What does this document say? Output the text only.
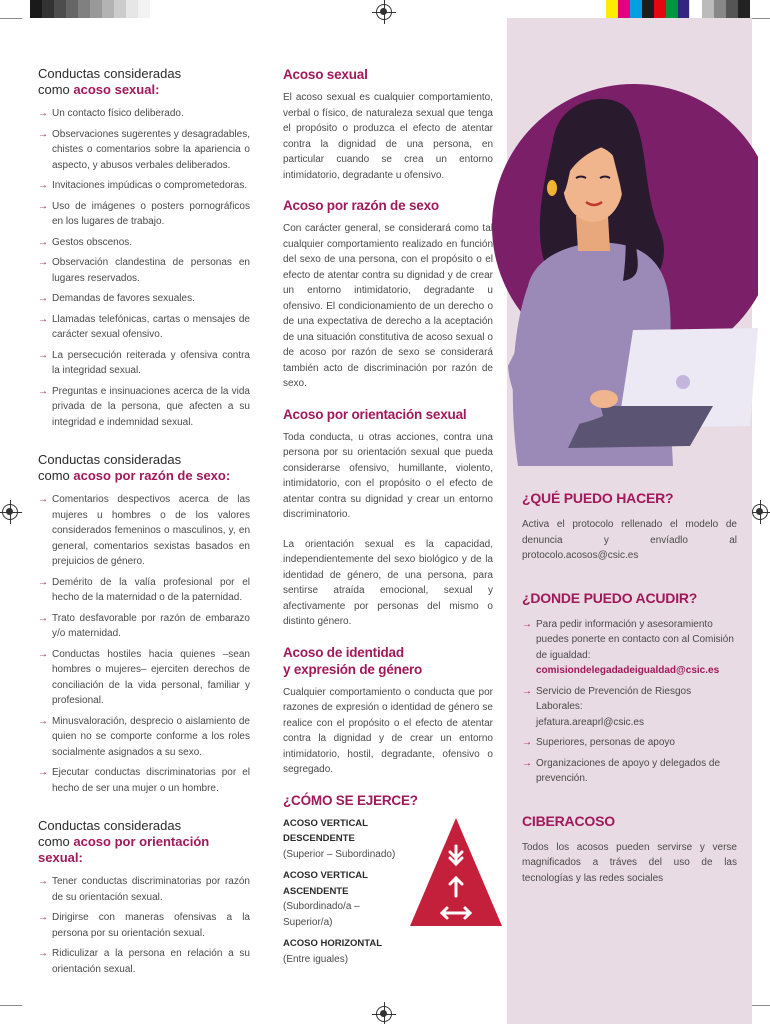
Conductas consideradas
como acoso sexual:
→ Un contacto físico deliberado.
→ Observaciones sugerentes y desagradables, chistes o comentarios sobre la apariencia o aspecto, y abusos verbales deliberados.
→ Invitaciones impúdicas o comprometedoras.
→ Uso de imágenes o posters pornográficos en los lugares de trabajo.
→ Gestos obscenos.
→ Observación clandestina de personas en lugares reservados.
→ Demandas de favores sexuales.
→ Llamadas telefónicas, cartas o mensajes de carácter sexual ofensivo.
→ La persecución reiterada y ofensiva contra la integridad sexual.
→ Preguntas e insinuaciones acerca de la vida privada de la persona, que afecten a su integridad e indemnidad sexual.
Conductas consideradas
como acoso por razón de sexo:
→ Comentarios despectivos acerca de las mujeres u hombres o de los valores considerados femeninos o masculinos, y, en general, comentarios sexistas basados en prejuicios de género.
→ Demérito de la valía profesional por el hecho de la maternidad o de la paternidad.
→ Trato desfavorable por razón de embarazo y/o maternidad.
→ Conductas hostiles hacia quienes –sean hombres o mujeres– ejerciten derechos de conciliación de la vida personal, familiar y profesional.
→ Minusvaloración, desprecio o aislamiento de quien no se comporte conforme a los roles socialmente asignados a su sexo.
→ Ejecutar conductas discriminatorias por el hecho de ser una mujer o un hombre.
Conductas consideradas
como acoso por orientación sexual:
→ Tener conductas discriminatorias por razón de su orientación sexual.
→ Dirigirse con maneras ofensivas a la persona por su orientación sexual.
→ Ridiculizar a la persona en relación a su orientación sexual.
Acoso sexual

El acoso sexual es cualquier comportamiento, verbal o físico, de naturaleza sexual que tenga el propósito o produzca el efecto de atentar contra la dignidad de una persona, en particular cuando se crea un entorno intimidatorio, degradante u ofensivo.

Acoso por razón de sexo

Con carácter general, se considerará como tal cualquier comportamiento realizado en función del sexo de una persona, con el propósito o el efecto de atentar contra su dignidad y de crear un entorno intimidatorio, degradante u ofensivo. El condicionamiento de un derecho o de una expectativa de derecho a la aceptación de una situación constitutiva de acoso sexual o de acoso por razón de sexo se considerará también acto de discriminación por razón de sexo.

Acoso por orientación sexual

Toda conducta, u otras acciones, contra una persona por su orientación sexual que pueda considerarse ofensivo, humillante, violento, intimidatorio, con el propósito o el efecto de atentar contra su dignidad y crear un entorno discriminatorio.

La orientación sexual es la capacidad, independientemente del sexo biológico y de la identidad de género, de una persona, para sentirse atraída emocional, sexual y afectivamente por personas del mismo o distinto género.

Acoso de identidad
y expresión de género

Cualquier comportamiento o conducta que por razones de expresión o identidad de género se realice con el propósito o el efecto de atentar contra la dignidad y de crear un entorno intimidatorio, hostil, degradante, ofensivo o segregado.

¿CÓMO SE EJERCE?
ACOSO VERTICAL DESCENDENTE
(Superior – Subordinado)
ACOSO VERTICAL ASCENDENTE
(Subordinado/a – Superior/a)
ACOSO HORIZONTAL
(Entre iguales)
¿QUÉ PUEDO HACER?

Activa el protocolo rellenado el modelo de denuncia y envíadlo al protocolo.acosos@csic.es

¿DONDE PUEDO ACUDIR?
→ Para pedir información y asesoramiento puedes ponerte en contacto con al Comisión de igualdad:
comisiondelegadadeigualdad@csic.es
→ Servicio de Prevención de Riesgos Laborales:
jefatura.areaprl@csic.es
→ Superiores, personas de apoyo
→ Organizaciones de apoyo y delegados de prevención.
CIBERACOSO

Todos los acosos pueden servirse y verse magnificados a tráves del uso de las tecnologías y las redes sociales
